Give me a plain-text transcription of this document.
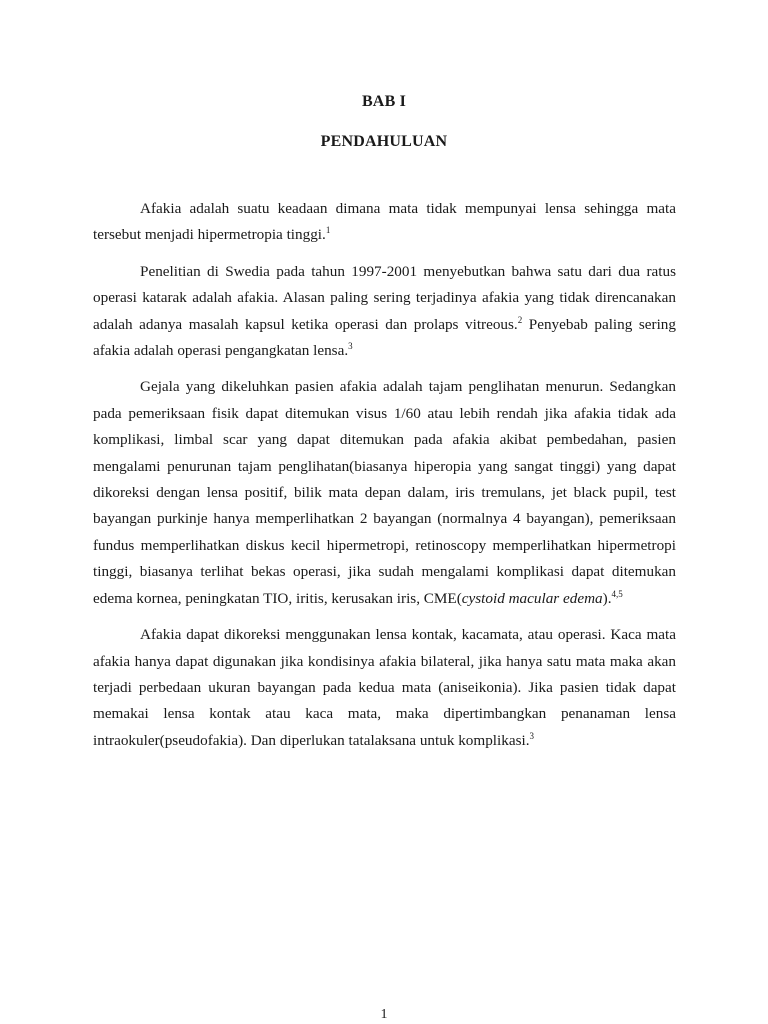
BAB I
PENDAHULUAN

Afakia adalah suatu keadaan dimana mata tidak mempunyai lensa sehingga mata tersebut menjadi hipermetropia tinggi.$^1$

Penelitian di Swedia pada tahun 1997-2001 menyebutkan bahwa satu dari dua ratus operasi katarak adalah afakia. Alasan paling sering terjadinya afakia yang tidak direncanakan adalah adanya masalah kapsul ketika operasi dan prolaps vitreous.$^2$ Penyebab paling sering afakia adalah operasi pengangkatan lensa.$^3$

Gejala yang dikeluhkan pasien afakia adalah tajam penglihatan menurun. Sedangkan pada pemeriksaan fisik dapat ditemukan visus 1/60 atau lebih rendah jika afakia tidak ada komplikasi, limbal scar yang dapat ditemukan pada afakia akibat pembedahan, pasien mengalami penurunan tajam penglihatan(biasanya hiperopia yang sangat tinggi) yang dapat dikoreksi dengan lensa positif, bilik mata depan dalam, iris tremulans, jet black pupil, test bayangan purkinje hanya memperlihatkan 2 bayangan (normalnya 4 bayangan), pemeriksaan fundus memperlihatkan diskus kecil hipermetropi, retinoscopy memperlihatkan hipermetropi tinggi, biasanya terlihat bekas operasi, jika sudah mengalami komplikasi dapat ditemukan edema kornea, peningkatan TIO, iritis, kerusakan iris, CME(cystoid macular edema).$^{4,5}$

Afakia dapat dikoreksi menggunakan lensa kontak, kacamata, atau operasi. Kaca mata afakia hanya dapat digunakan jika kondisinya afakia bilateral, jika hanya satu mata maka akan terjadi perbedaan ukuran bayangan pada kedua mata (aniseikonia). Jika pasien tidak dapat memakai lensa kontak atau kaca mata, maka dipertimbangkan penanaman lensa intraokuler(pseudofakia). Dan diperlukan tatalaksana untuk komplikasi.$^3$

1
